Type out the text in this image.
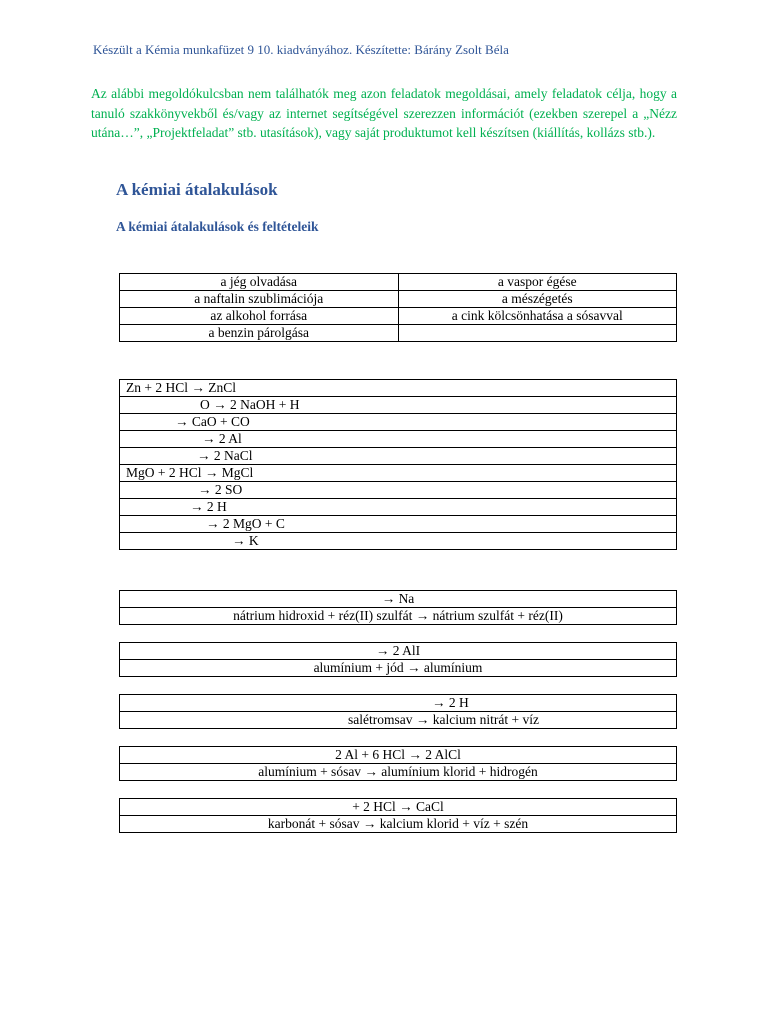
Készült a Kémia munkafüzet 9 10. kiadványához. Készítette: Bárány Zsolt Béla
Az alábbi megoldókulcsban nem találhatók meg azon feladatok megoldásai, amely feladatok célja, hogy a tanuló szakkönyvekből és/vagy az internet segítségével szerezzen információt (ezekben szerepel a „Nézz utána…”, „Projektfeladat” stb. utasítások), vagy saját produktumot kell készítsen (kiállítás, kollázs stb.).
A kémiai átalakulások
A kémiai átalakulások és feltételeik
a jég olvadása	a vaspor égése
a naftalin szublimációja	a mészégetés
az alkohol forrása	a cink kölcsönhatása a sósavval
a benzin párolgása	
Zn + 2 HCl → ZnCl
O → 2 NaOH + H
→ CaO + CO
→ 2 Al
→ 2 NaCl
MgO + 2 HCl → MgCl
→ 2 SO
→ 2 H
→ 2 MgO + C
→ K
→ Na
nátrium hidroxid + réz(II) szulfát → nátrium szulfát + réz(II)
→ 2 AlI
alumínium + jód → alumínium
→ 2 H
salétromsav → kalcium nitrát + víz
2 Al + 6 HCl → 2 AlCl
alumínium + sósav → alumínium klorid + hidrogén
+ 2 HCl → CaCl
karbonát + sósav → kalcium klorid + víz + szén
